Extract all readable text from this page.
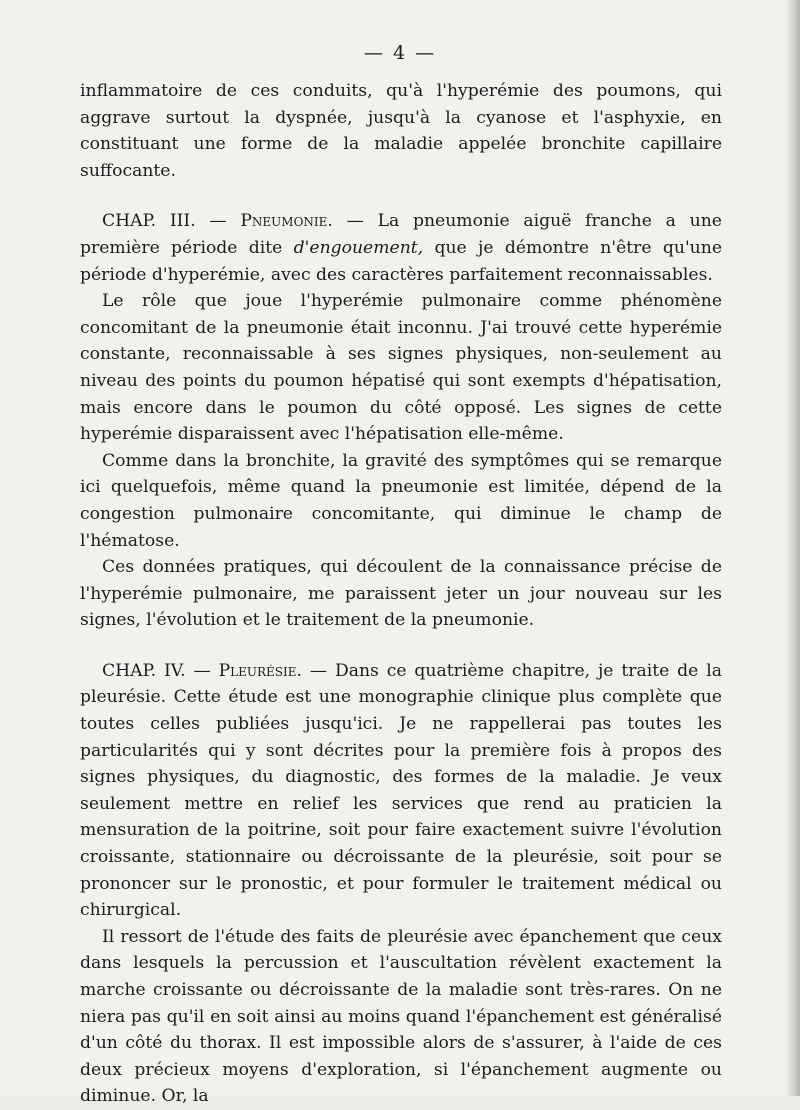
— 4 —

inflammatoire de ces conduits, qu'à l'hyperémie des poumons, qui aggrave surtout la dyspnée, jusqu'à la cyanose et l'asphyxie, en constituant une forme de la maladie appelée bronchite capillaire suffocante.

CHAP. III. — Pneumonie. — La pneumonie aiguë franche a une première période dite d'engouement, que je démontre n'être qu'une période d'hyperémie, avec des caractères parfaitement reconnaissables.

Le rôle que joue l'hyperémie pulmonaire comme phénomène concomitant de la pneumonie était inconnu. J'ai trouvé cette hyperémie constante, reconnaissable à ses signes physiques, non-seulement au niveau des points du poumon hépatisé qui sont exempts d'hépatisation, mais encore dans le poumon du côté opposé. Les signes de cette hyperémie disparaissent avec l'hépatisation elle-même.

Comme dans la bronchite, la gravité des symptômes qui se remarque ici quelquefois, même quand la pneumonie est limitée, dépend de la congestion pulmonaire concomitante, qui diminue le champ de l'hématose.

Ces données pratiques, qui découlent de la connaissance précise de l'hyperémie pulmonaire, me paraissent jeter un jour nouveau sur les signes, l'évolution et le traitement de la pneumonie.

CHAP. IV. — Pleurésie. — Dans ce quatrième chapitre, je traite de la pleurésie. Cette étude est une monographie clinique plus complète que toutes celles publiées jusqu'ici. Je ne rappellerai pas toutes les particularités qui y sont décrites pour la première fois à propos des signes physiques, du diagnostic, des formes de la maladie. Je veux seulement mettre en relief les services que rend au praticien la mensuration de la poitrine, soit pour faire exactement suivre l'évolution croissante, stationnaire ou décroissante de la pleurésie, soit pour se prononcer sur le pronostic, et pour formuler le traitement médical ou chirurgical.

Il ressort de l'étude des faits de pleurésie avec épanchement que ceux dans lesquels la percussion et l'auscultation révèlent exactement la marche croissante ou décroissante de la maladie sont très-rares. On ne niera pas qu'il en soit ainsi au moins quand l'épanchement est généralisé d'un côté du thorax. Il est impossible alors de s'assurer, à l'aide de ces deux précieux moyens d'exploration, si l'épanchement augmente ou diminue. Or, la
